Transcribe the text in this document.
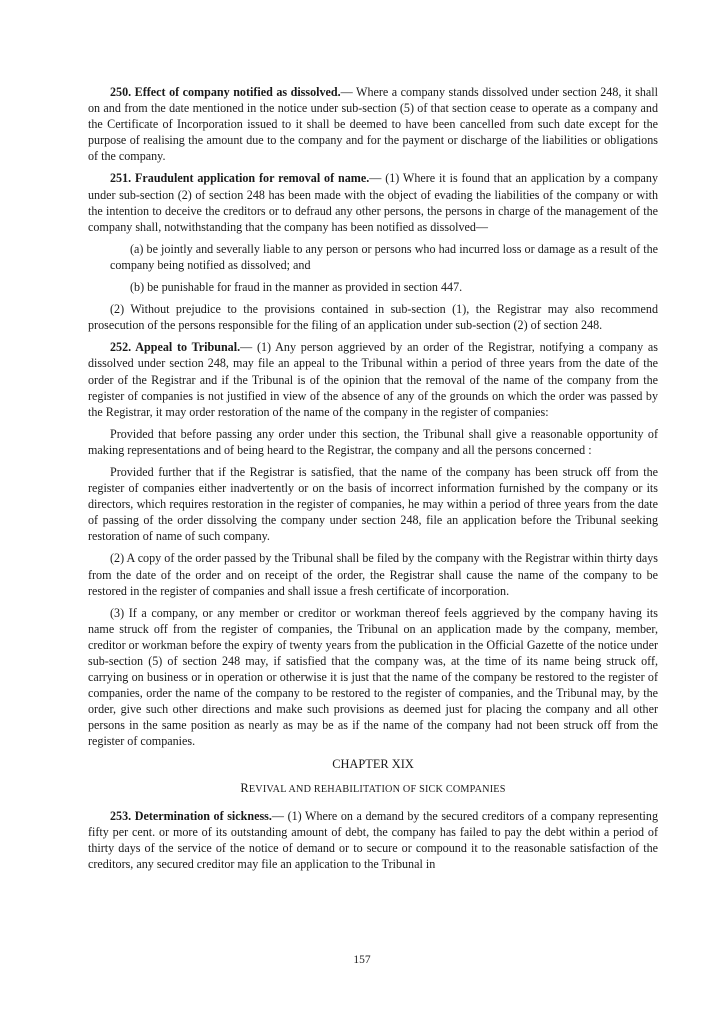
250. Effect of company notified as dissolved.— Where a company stands dissolved under section 248, it shall on and from the date mentioned in the notice under sub-section (5) of that section cease to operate as a company and the Certificate of Incorporation issued to it shall be deemed to have been cancelled from such date except for the purpose of realising the amount due to the company and for the payment or discharge of the liabilities or obligations of the company.

251. Fraudulent application for removal of name.— (1) Where it is found that an application by a company under sub-section (2) of section 248 has been made with the object of evading the liabilities of the company or with the intention to deceive the creditors or to defraud any other persons, the persons in charge of the management of the company shall, notwithstanding that the company has been notified as dissolved—

(a) be jointly and severally liable to any person or persons who had incurred loss or damage as a result of the company being notified as dissolved; and

(b) be punishable for fraud in the manner as provided in section 447.

(2) Without prejudice to the provisions contained in sub-section (1), the Registrar may also recommend prosecution of the persons responsible for the filing of an application under sub-section (2) of section 248.

252. Appeal to Tribunal.— (1) Any person aggrieved by an order of the Registrar, notifying a company as dissolved under section 248, may file an appeal to the Tribunal within a period of three years from the date of the order of the Registrar and if the Tribunal is of the opinion that the removal of the name of the company from the register of companies is not justified in view of the absence of any of the grounds on which the order was passed by the Registrar, it may order restoration of the name of the company in the register of companies:

Provided that before passing any order under this section, the Tribunal shall give a reasonable opportunity of making representations and of being heard to the Registrar, the company and all the persons concerned :

Provided further that if the Registrar is satisfied, that the name of the company has been struck off from the register of companies either inadvertently or on the basis of incorrect information furnished by the company or its directors, which requires restoration in the register of companies, he may within a period of three years from the date of passing of the order dissolving the company under section 248, file an application before the Tribunal seeking restoration of name of such company.

(2) A copy of the order passed by the Tribunal shall be filed by the company with the Registrar within thirty days from the date of the order and on receipt of the order, the Registrar shall cause the name of the company to be restored in the register of companies and shall issue a fresh certificate of incorporation.

(3) If a company, or any member or creditor or workman thereof feels aggrieved by the company having its name struck off from the register of companies, the Tribunal on an application made by the company, member, creditor or workman before the expiry of twenty years from the publication in the Official Gazette of the notice under sub-section (5) of section 248 may, if satisfied that the company was, at the time of its name being struck off, carrying on business or in operation or otherwise it is just that the name of the company be restored to the register of companies, order the name of the company to be restored to the register of companies, and the Tribunal may, by the order, give such other directions and make such provisions as deemed just for placing the company and all other persons in the same position as nearly as may be as if the name of the company had not been struck off from the register of companies.

CHAPTER XIX

REVIVAL AND REHABILITATION OF SICK COMPANIES

253. Determination of sickness.— (1) Where on a demand by the secured creditors of a company representing fifty per cent. or more of its outstanding amount of debt, the company has failed to pay the debt within a period of thirty days of the service of the notice of demand or to secure or compound it to the reasonable satisfaction of the creditors, any secured creditor may file an application to the Tribunal in

157
